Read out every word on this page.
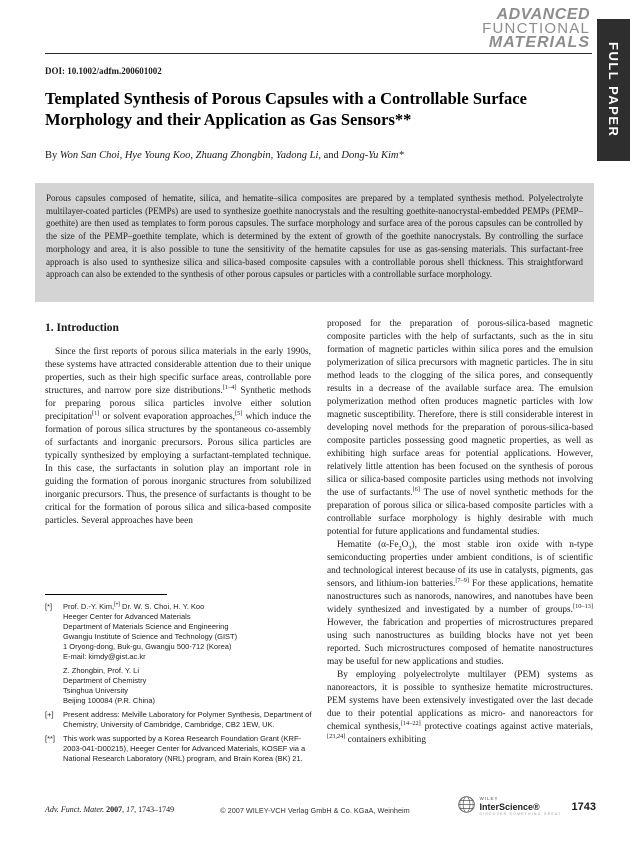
ADVANCED
FUNCTIONAL
MATERIALS FULL PAPER
DOI: 10.1002/adfm.200601002
Templated Synthesis of Porous Capsules with a Controllable Surface Morphology and their Application as Gas Sensors**
By Won San Choi, Hye Young Koo, Zhuang Zhongbin, Yadong Li, and Dong-Yu Kim*
Porous capsules composed of hematite, silica, and hematite–silica composites are prepared by a templated synthesis method. Polyelectrolyte multilayer-coated particles (PEMPs) are used to synthesize goethite nanocrystals and the resulting goethite-nanocrystal-embedded PEMPs (PEMP–goethite) are then used as templates to form porous capsules. The surface morphology and surface area of the porous capsules can be controlled by the size of the PEMP–goethite template, which is determined by the extent of growth of the goethite nanocrystals. By controlling the surface morphology and area, it is also possible to tune the sensitivity of the hematite capsules for use as gas-sensing materials. This surfactant-free approach is also used to synthesize silica and silica-based composite capsules with a controllable porous shell thickness. This straightforward approach can also be extended to the synthesis of other porous capsules or particles with a controllable surface morphology.
1. Introduction
Since the first reports of porous silica materials in the early 1990s, these systems have attracted considerable attention due to their unique properties, such as their high specific surface areas, controllable pore structures, and narrow pore size distributions.[1–4] Synthetic methods for preparing porous silica particles involve either solution precipitation[1] or solvent evaporation approaches,[5] which induce the formation of porous silica structures by the spontaneous co-assembly of surfactants and inorganic precursors. Porous silica particles are typically synthesized by employing a surfactant-templated technique. In this case, the surfactants in solution play an important role in guiding the formation of porous inorganic structures from solubilized inorganic precursors. Thus, the presence of surfactants is thought to be critical for the formation of porous silica and silica-based composite particles. Several approaches have been
proposed for the preparation of porous-silica-based magnetic composite particles with the help of surfactants, such as the in situ formation of magnetic particles within silica pores and the emulsion polymerization of silica precursors with magnetic particles. The in situ method leads to the clogging of the silica pores, and consequently results in a decrease of the available surface area. The emulsion polymerization method often produces magnetic particles with low magnetic susceptibility. Therefore, there is still considerable interest in developing novel methods for the preparation of porous-silica-based composite particles possessing good magnetic properties, as well as exhibiting high surface areas for potential applications. However, relatively little attention has been focused on the synthesis of porous silica or silica-based composite particles using methods not involving the use of surfactants.[6] The use of novel synthetic methods for the preparation of porous silica or silica-based composite particles with a controllable surface morphology is highly desirable with much potential for future applications and fundamental studies.
Hematite $(\alpha-Fe_2O_3)$, the most stable iron oxide with n-type semiconducting properties under ambient conditions, is of scientific and technological interest because of its use in catalysts, pigments, gas sensors, and lithium-ion batteries.[7–9] For these applications, hematite nanostructures such as nanorods, nanowires, and nanotubes have been widely synthesized and investigated by a number of groups.[10–13] However, the fabrication and properties of microstructures prepared using such nanostructures as building blocks have not yet been reported. Such microstructures composed of hematite nanostructures may be useful for new applications and studies.
By employing polyelectrolyte multilayer (PEM) systems as nanoreactors, it is possible to synthesize hematite microstructures. PEM systems have been extensively investigated over the last decade due to their potential applications as micro- and nanoreactors for chemical synthesis,[14–22] protective coatings against active materials,[23,24] containers exhibiting
[*]	Prof. D.-Y. Kim,[+] Dr. W. S. Choi, H. Y. Koo
Heeger Center for Advanced Materials
Department of Materials Science and Engineering
Gwangju Institute of Science and Technology (GIST)
1 Oryong-dong, Buk-gu, Gwangju 500-712 (Korea)
E-mail: kimdy@gist.ac.kr
Z. Zhongbin, Prof. Y. Li
Department of Chemistry
Tsinghua University
Beijing 100084 (P.R. China)
[+]	Present address: Melville Laboratory for Polymer Synthesis, Department of Chemistry, University of Cambridge, Cambridge, CB2 1EW, UK.
[**]	This work was supported by a Korea Research Foundation Grant (KRF-2003-041-D00215), Heeger Center for Advanced Materials, KOSEF via a National Research Laboratory (NRL) program, and Brain Korea (BK) 21.
Adv. Funct. Mater. 2007, 17, 1743–1749	© 2007 WILEY-VCH Verlag GmbH & Co. KGaA, Weinheim
WILEY
InterScience®
DISCOVER SOMETHING GREAT
1743
